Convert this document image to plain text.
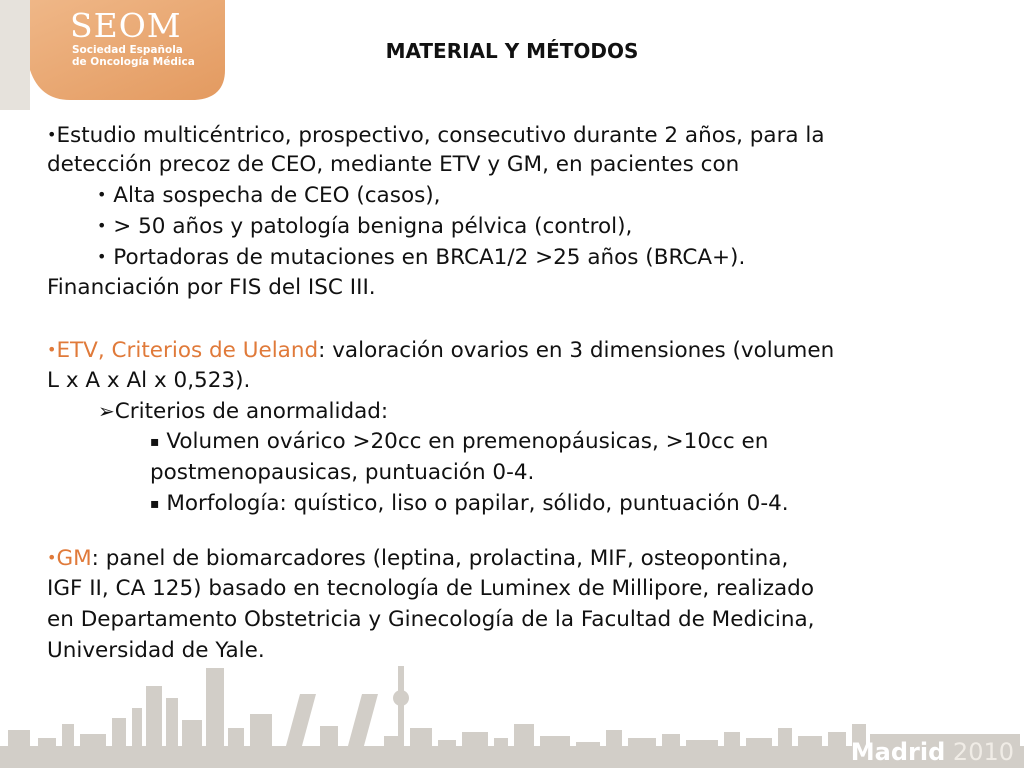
SEOM
Sociedad Española
de Oncología Médica	MATERIAL Y MÉTODOS
•Estudio multicéntrico, prospectivo, consecutivo durante 2 años, para la
detección precoz de CEO, mediante ETV y GM, en pacientes con
• Alta sospecha de CEO (casos),
• > 50 años y patología benigna pélvica (control),
• Portadoras de mutaciones en BRCA1/2 >25 años (BRCA+).
Financiación por FIS del ISC III.
•ETV, Criterios de Ueland: valoración ovarios en 3 dimensiones (volumen
L x A x Al x 0,523).
➢Criterios de anormalidad:
▪ Volumen ovárico >20cc en premenopáusicas, >10cc en
postmenopausicas, puntuación 0-4.
▪ Morfología: quístico, liso o papilar, sólido, puntuación 0-4.
•GM: panel de biomarcadores (leptina, prolactina, MIF, osteopontina,
IGF II, CA 125) basado en tecnología de Luminex de Millipore, realizado
en Departamento Obstetricia y Ginecología de la Facultad de Medicina,
Universidad de Yale.
Madrid 2010
